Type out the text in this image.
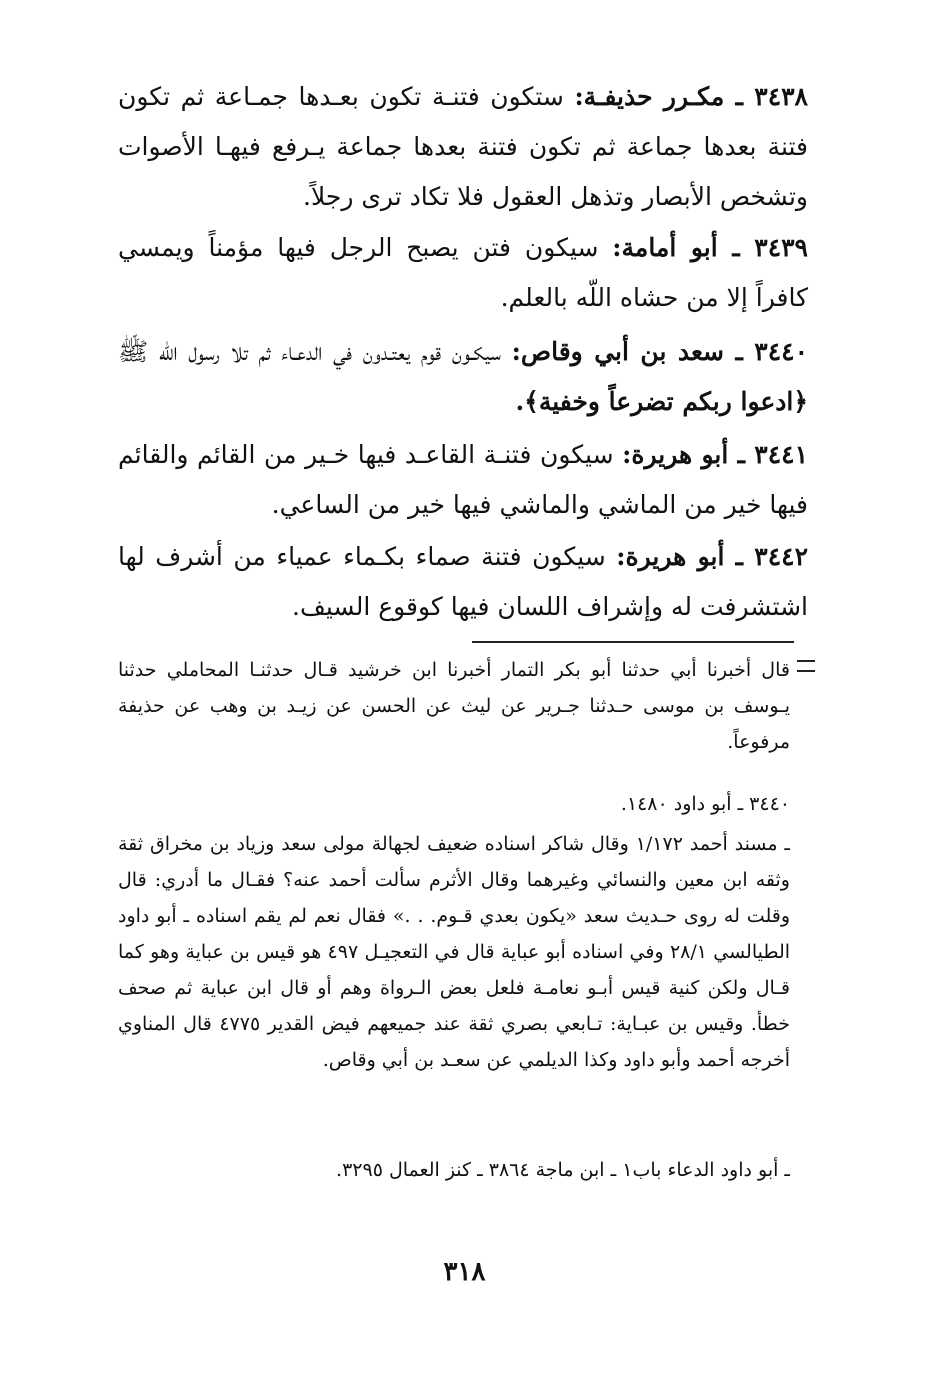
٣٤٣٨ ـ مكـرر حذيفـة: ستكون فتنـة تكون بعـدها جمـاعة ثم تكون فتنة بعدها جماعة ثم تكون فتنة بعدها جماعة يـرفع فيهـا الأصوات وتشخص الأبصار وتذهل العقول فلا تكاد ترى رجلاً.
٣٤٣٩ ـ أبو أمامة: سيكون فتن يصبح الرجل فيها مؤمناً ويمسي كافراً إلا من حشاه اللّه بالعلم.
٣٤٤٠ ـ سعد بن أبي وقاص: سيكـون قوم يعتـدون في الدعـاء ثم تلا رسول اللّه ﷺ ﴿ادعوا ربكم تضرعاً وخفية﴾.
٣٤٤١ ـ أبو هريرة: سيكون فتنـة القاعـد فيها خـير من القائم والقائم فيها خير من الماشي والماشي فيها خير من الساعي.
٣٤٤٢ ـ أبو هريرة: سيكون فتنة صماء بكـماء عمياء من أشرف لها اشتشرفت له وإشراف اللسان فيها كوقوع السيف.
قال أخبرنا أبي حدثنا أبو بكر التمار أخبرنا ابن خرشيد قـال حدثنـا المحاملي حدثنا يـوسف بن موسى حـدثنا جـرير عن ليث عن الحسن عن زيـد بن وهب عن حذيفة مرفوعاً.
٣٤٤٠ ـ أبو داود ١٤٨٠.
ـ مسند أحمد ١/١٧٢ وقال شاكر اسناده ضعيف لجهالة مولى سعد وزياد بن مخراق ثقة وثقه ابن معين والنسائي وغيرهما وقال الأثرم سألت أحمد عنه؟ فقـال ما أدري: قال وقلت له روى حـديث سعد «يكون بعدي قـوم. . .» فقال نعم لم يقم اسناده ـ أبو داود الطيالسي ٢٨/١ وفي اسناده أبو عباية قال في التعجيـل ٤٩٧ هو قيس بن عباية وهو كما قـال ولكن كنية قيس أبـو نعامـة فلعل بعض الـرواة وهم أو قال ابن عباية ثم صحف خطأ. وقيس بن عبـاية: تـابعي بصري ثقة عند جميعهم فيض القدير ٤٧٧٥ قال المناوي أخرجه أحمد وأبو داود وكذا الديلمي عن سعـد بن أبي وقاص.
ـ أبو داود الدعاء باب١ ـ ابن ماجة ٣٨٦٤ ـ كنز العمال ٣٢٩٥.
٣١٨
